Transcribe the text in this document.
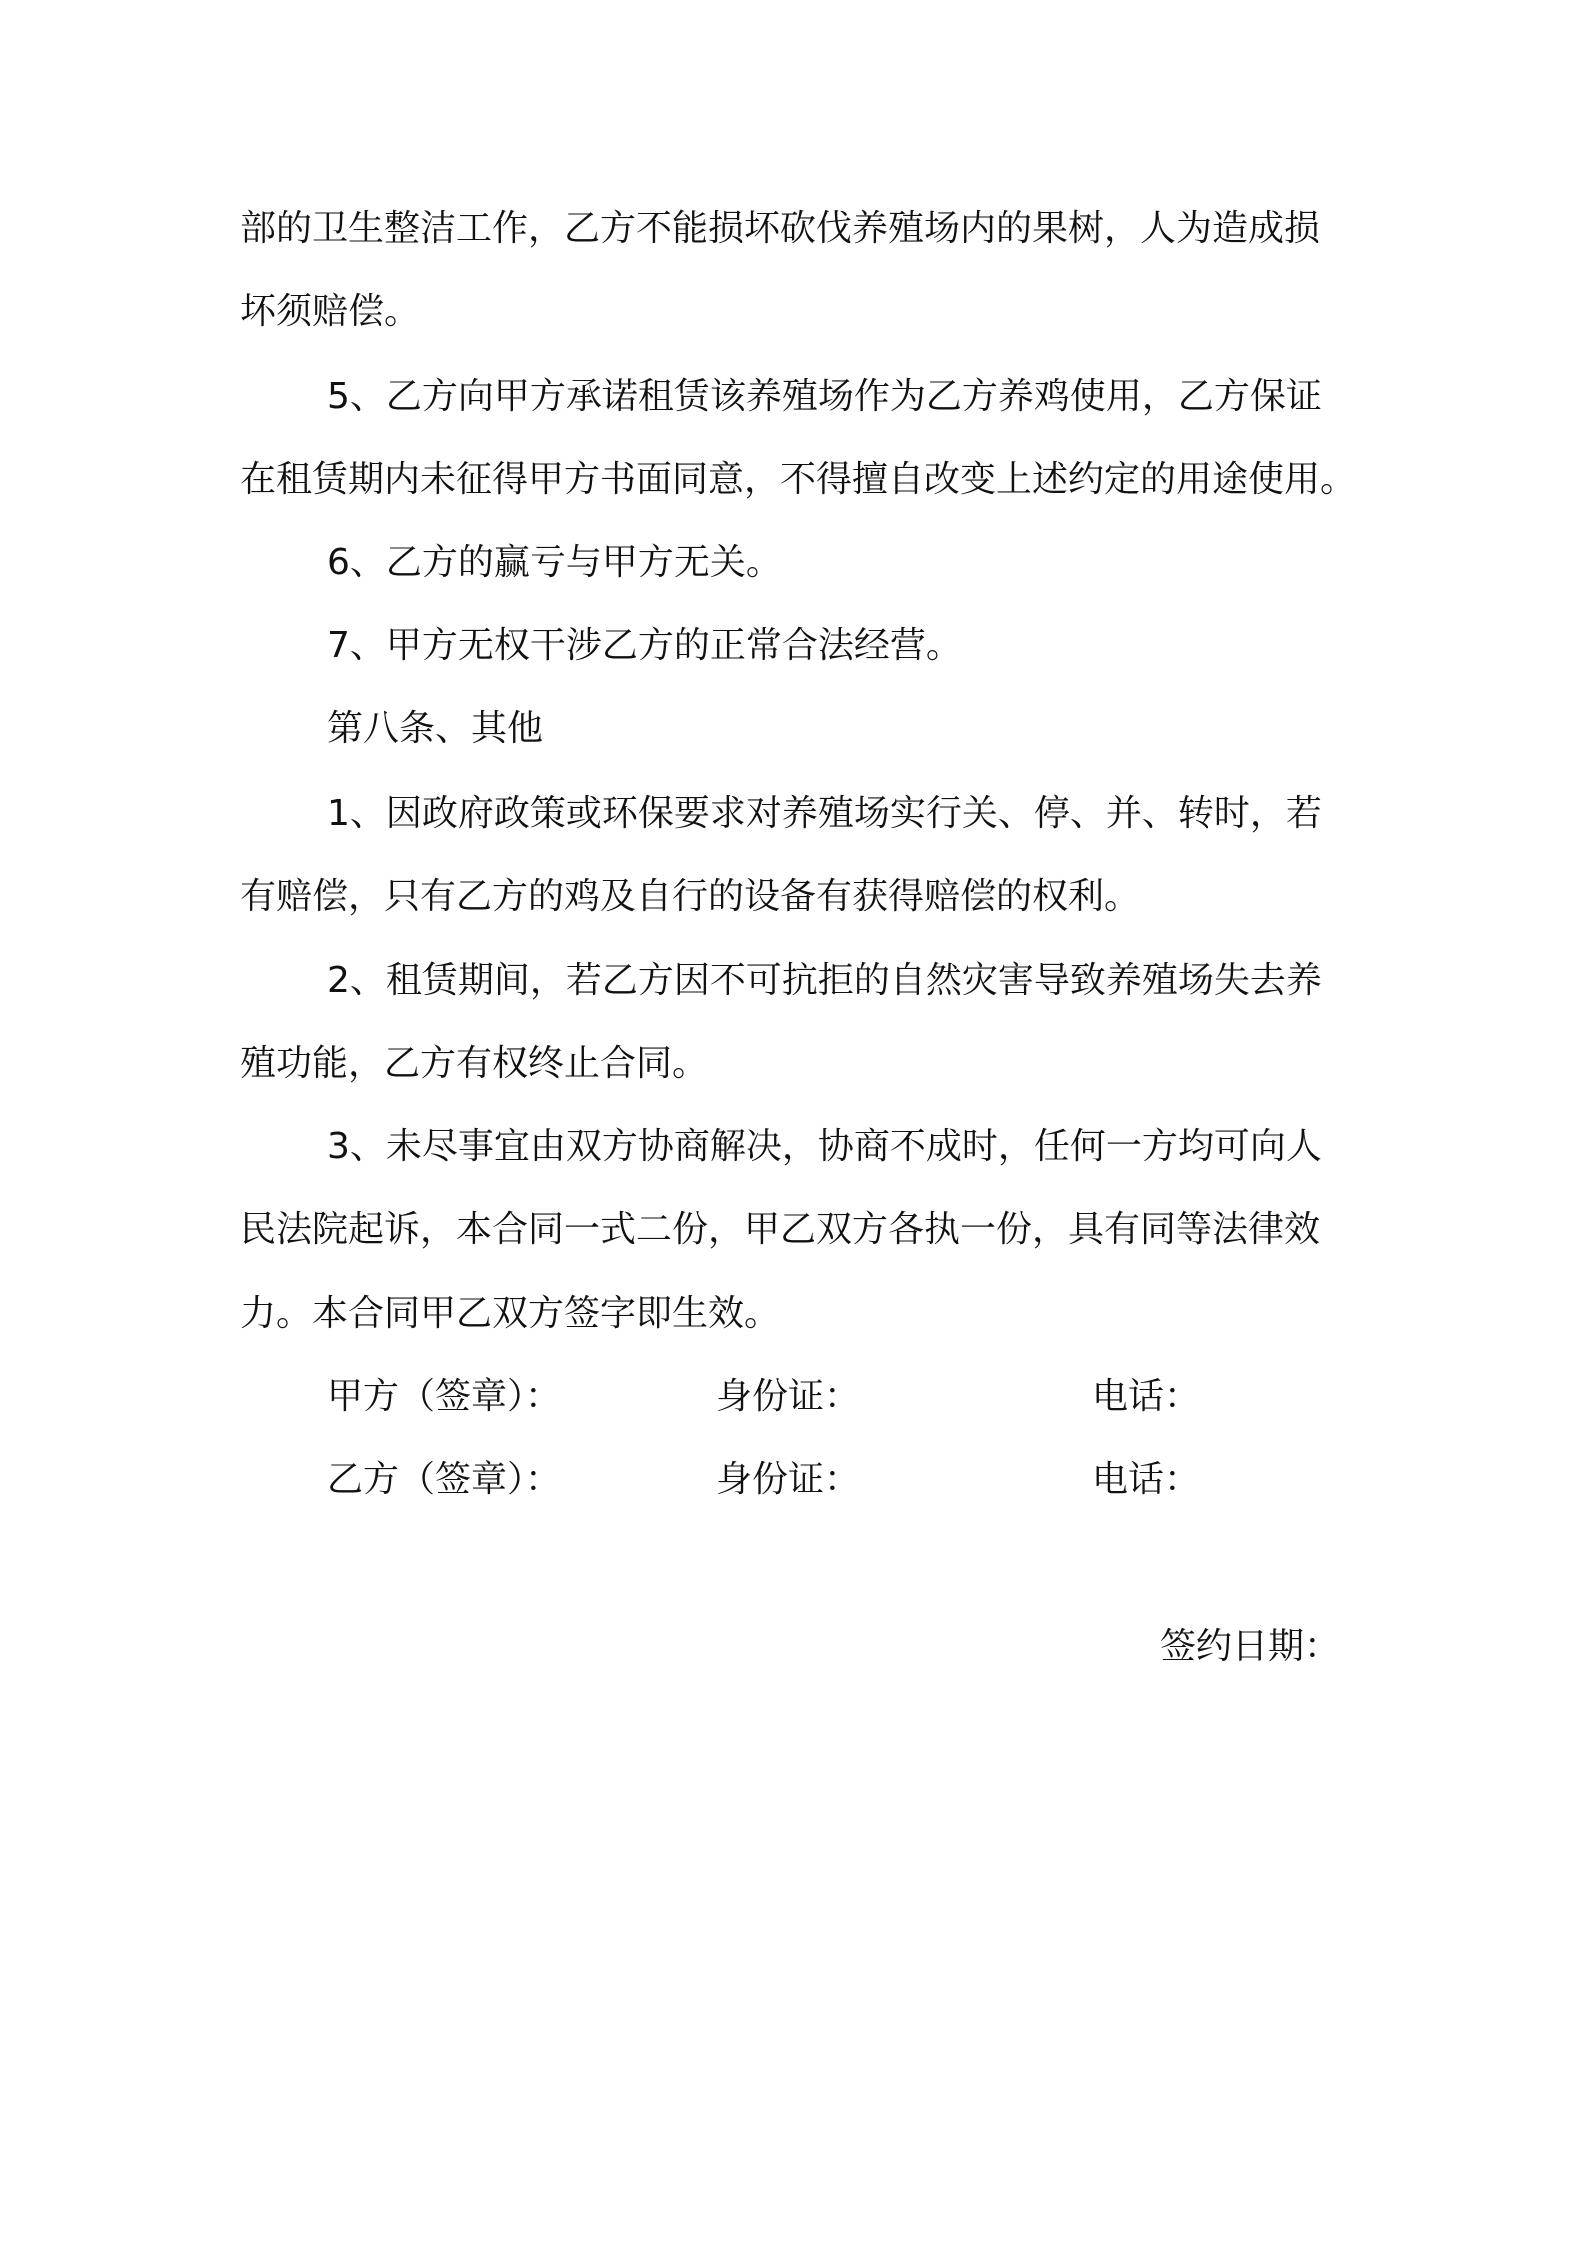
部的卫生整洁工作，乙方不能损坏砍伐养殖场内的果树，人为造成损

坏须赔偿。

5、乙方向甲方承诺租赁该养殖场作为乙方养鸡使用，乙方保证

在租赁期内未征得甲方书面同意，不得擅自改变上述约定的用途使用。

6、乙方的赢亏与甲方无关。

7、甲方无权干涉乙方的正常合法经营。

第八条、其他

1、因政府政策或环保要求对养殖场实行关、停、并、转时，若

有赔偿，只有乙方的鸡及自行的设备有获得赔偿的权利。

2、租赁期间，若乙方因不可抗拒的自然灾害导致养殖场失去养

殖功能，乙方有权终止合同。

3、未尽事宜由双方协商解决，协商不成时，任何一方均可向人

民法院起诉，本合同一式二份，甲乙双方各执一份，具有同等法律效

力。本合同甲乙双方签字即生效。

甲方（签章）：	身份证：	电话：

乙方（签章）：	身份证：	电话：

签约日期：
